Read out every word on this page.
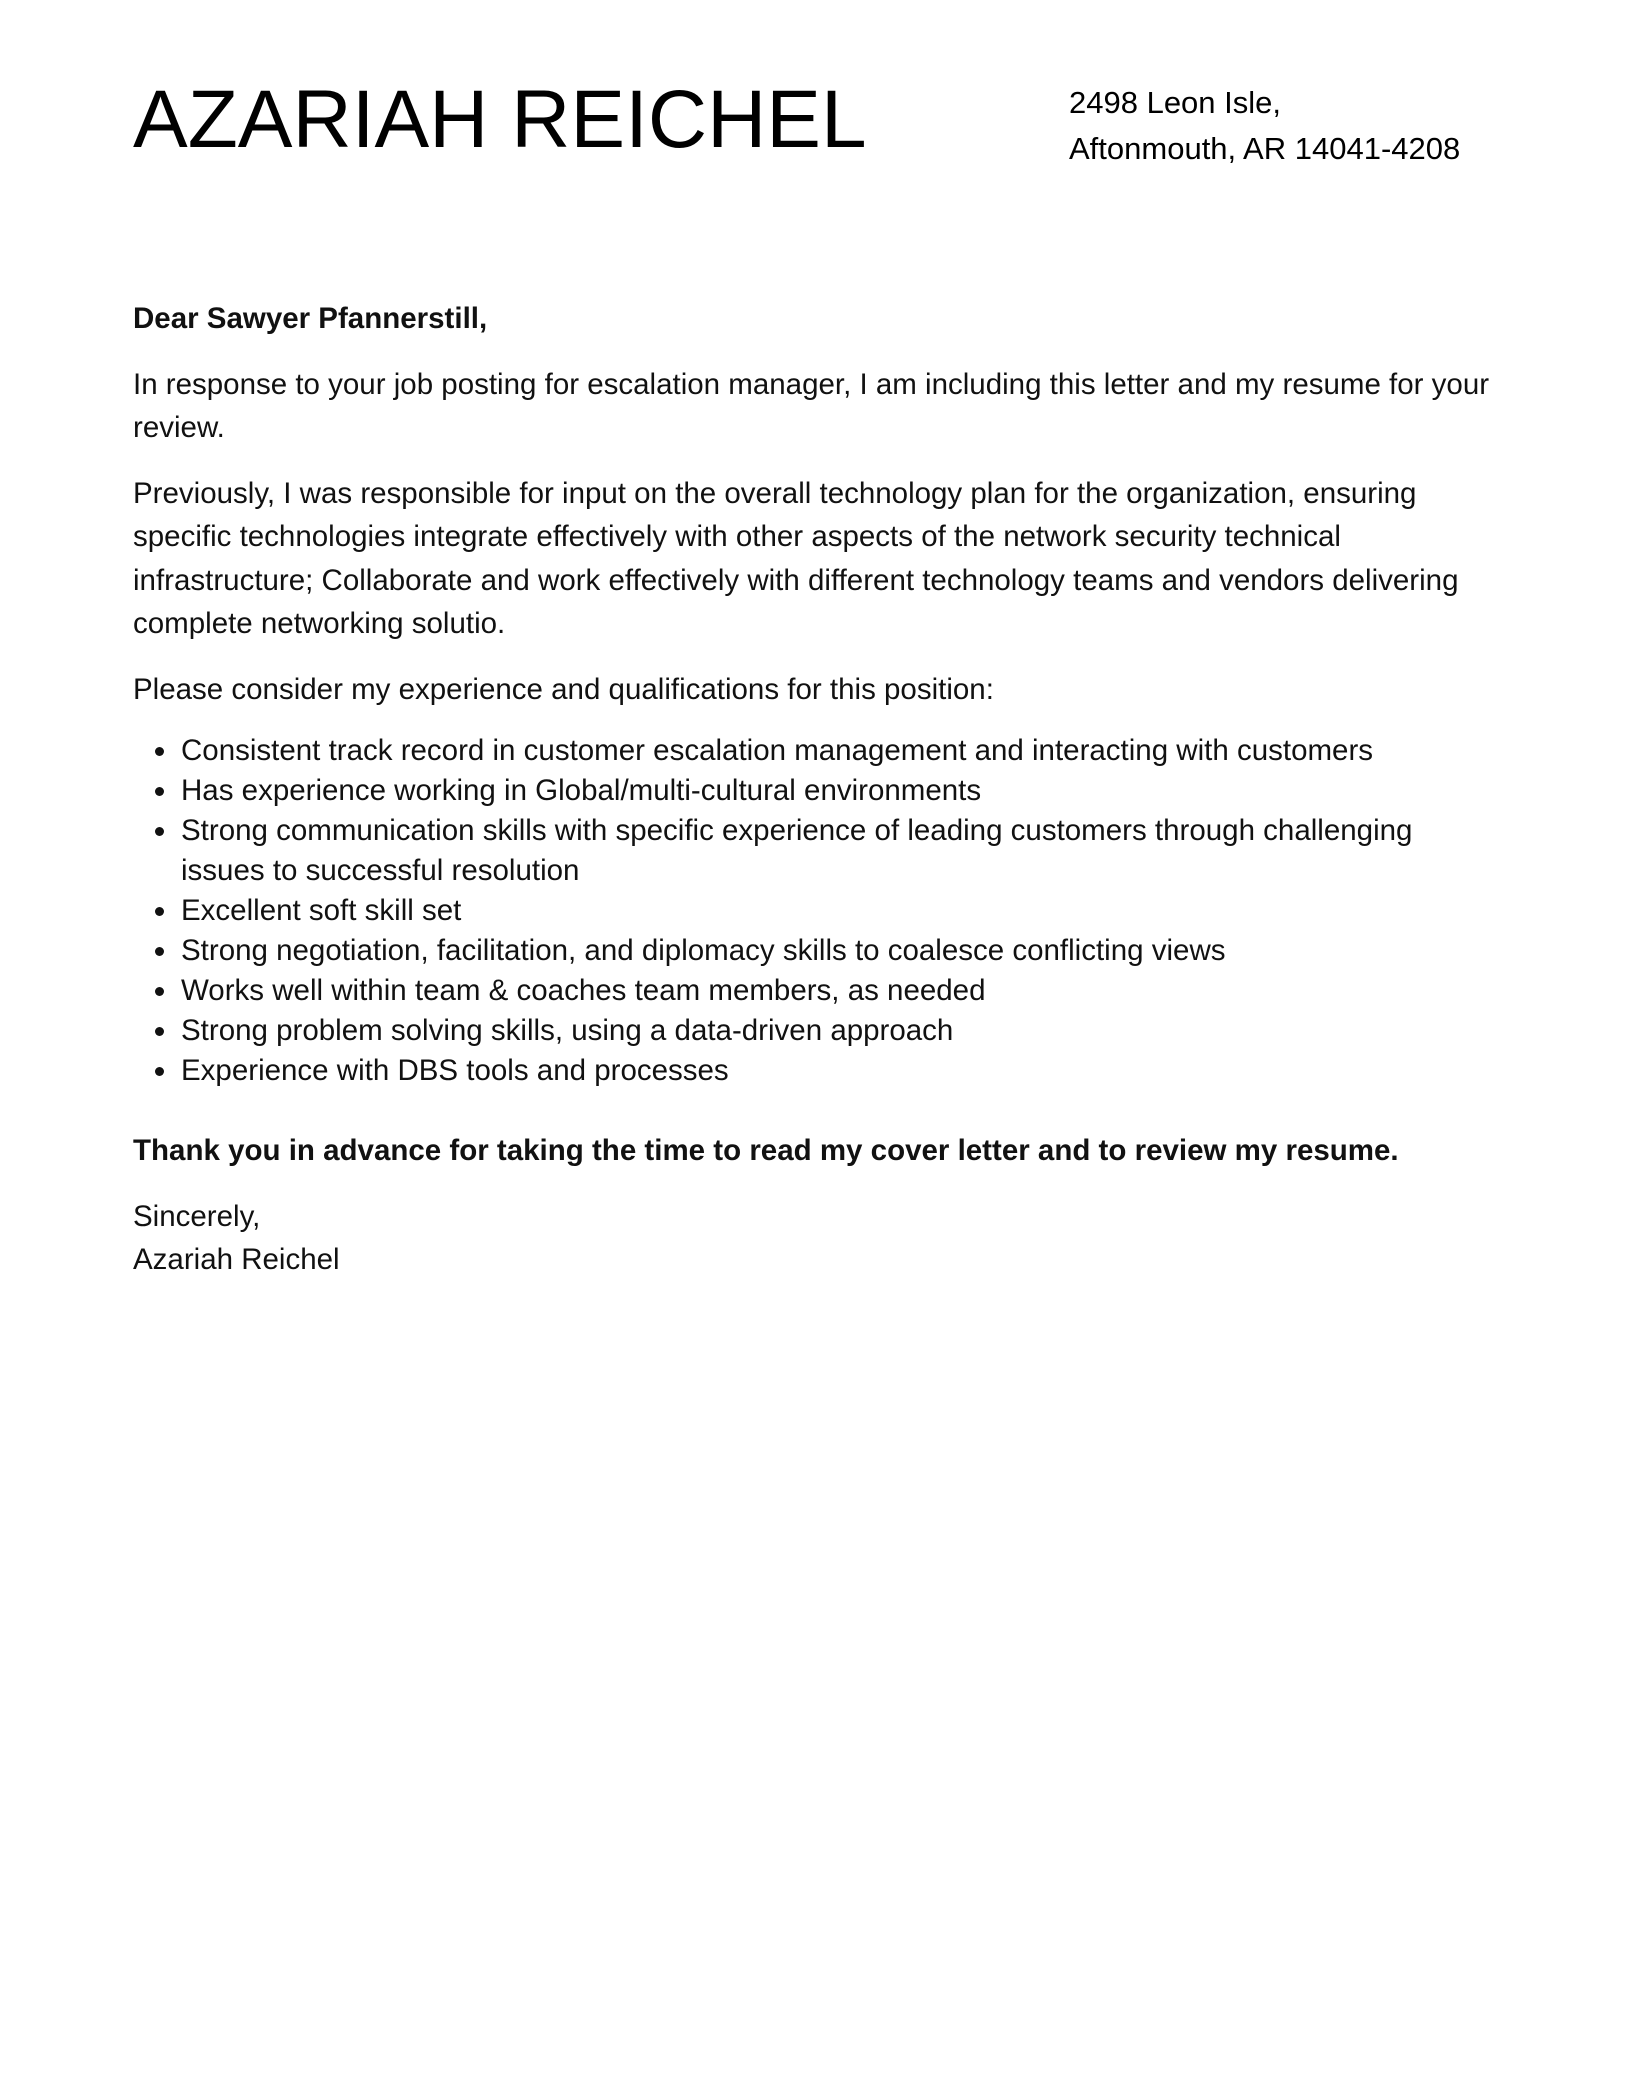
AZARIAH REICHEL	2498 Leon Isle,
Aftonmouth, AR 14041-4208

Dear Sawyer Pfannerstill,

In response to your job posting for escalation manager, I am including this letter and my resume for your review.

Previously, I was responsible for input on the overall technology plan for the organization, ensuring specific technologies integrate effectively with other aspects of the network security technical infrastructure; Collaborate and work effectively with different technology teams and vendors delivering complete networking solutio.

Please consider my experience and qualifications for this position:

Consistent track record in customer escalation management and interacting with customers
Has experience working in Global/multi-cultural environments
Strong communication skills with specific experience of leading customers through challenging issues to successful resolution
Excellent soft skill set
Strong negotiation, facilitation, and diplomacy skills to coalesce conflicting views
Works well within team & coaches team members, as needed
Strong problem solving skills, using a data-driven approach
Experience with DBS tools and processes

Thank you in advance for taking the time to read my cover letter and to review my resume.

Sincerely,
Azariah Reichel
